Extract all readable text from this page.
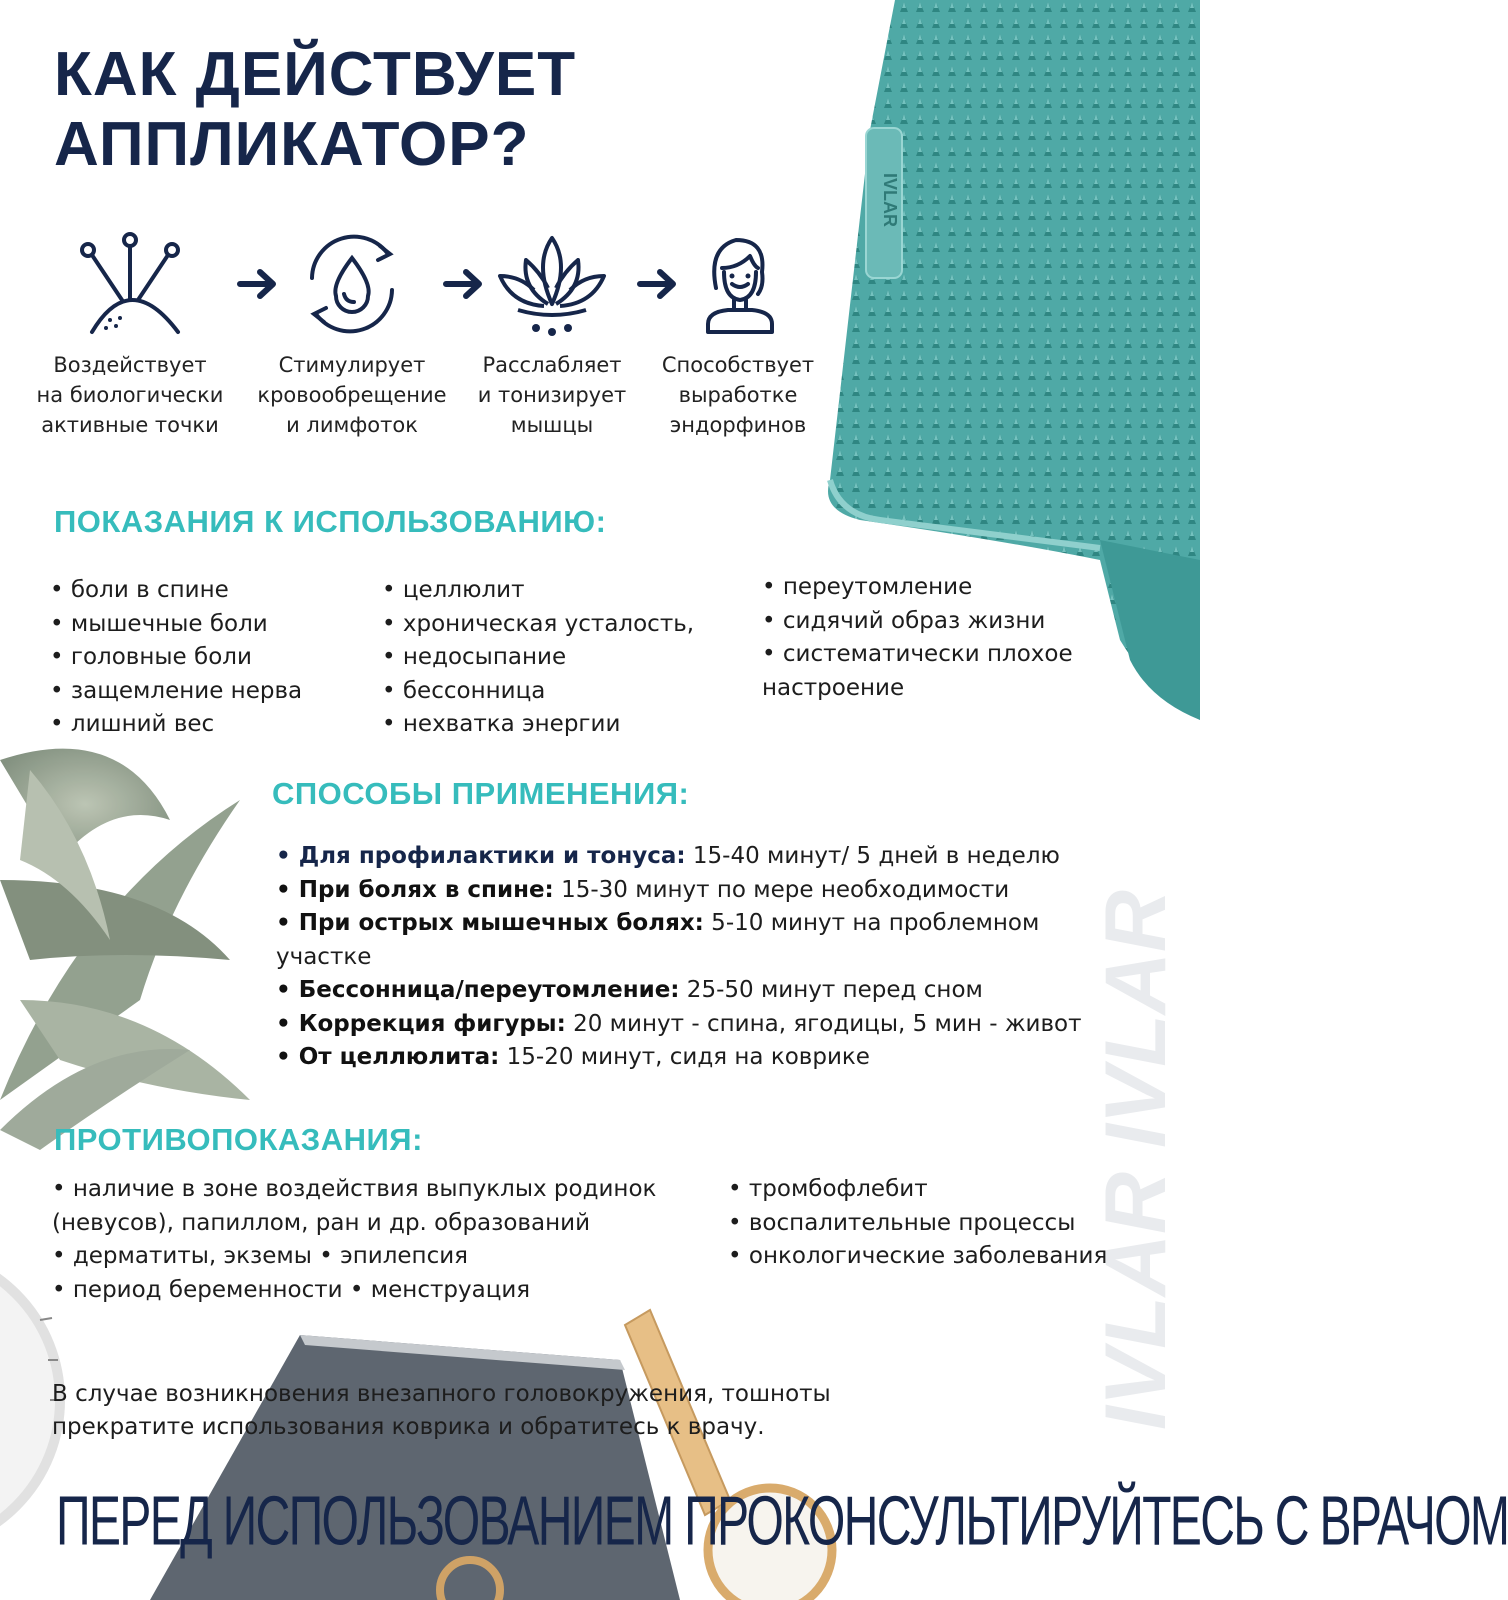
IVLAR
IVLAR IVLAR
КАК ДЕЙСТВУЕТ
АППЛИКАТОР?
Воздействует
на биологически
активные точки
Стимулирует
кровообрещение
и лимфоток
Расслабляет
и тонизирует
мышцы
Способствует
выработке
эндорфинов
ПОКАЗАНИЯ К ИСПОЛЬЗОВАНИЮ:
• боли в спине
• мышечные боли
• головные боли
• защемление нерва
• лишний вес
• целлюлит
• хроническая усталость,
• недосыпание
• бессонница
• нехватка энергии
• переутомление
• сидячий образ жизни
• систематически плохое настроение
СПОСОБЫ ПРИМЕНЕНИЯ:
• Для профилактики и тонуса: 15-40 минут/ 5 дней в неделю
• При болях в спине: 15-30 минут по мере необходимости
• При острых мышечных болях: 5-10 минут на проблемном участке
• Бессонница/переутомление: 25-50 минут перед сном
• Коррекция фигуры: 20 минут - спина, ягодицы, 5 мин - живот
• От целлюлита: 15-20 минут, сидя на коврике
ПРОТИВОПОКАЗАНИЯ:
• наличие в зоне воздействия выпуклых родинок
(невусов), папиллом, ран и др. образований
• дерматиты, экземы • эпилепсия
• период беременности • менструация
• тромбофлебит
• воспалительные процессы
• онкологические заболевания

В случае возникновения внезапного головокружения, тошноты
прекратите использования коврика и обратитесь к врачу.

ПЕРЕД ИСПОЛЬЗОВАНИЕМ ПРОКОНСУЛЬТИРУЙТЕСЬ С ВРАЧОМ
